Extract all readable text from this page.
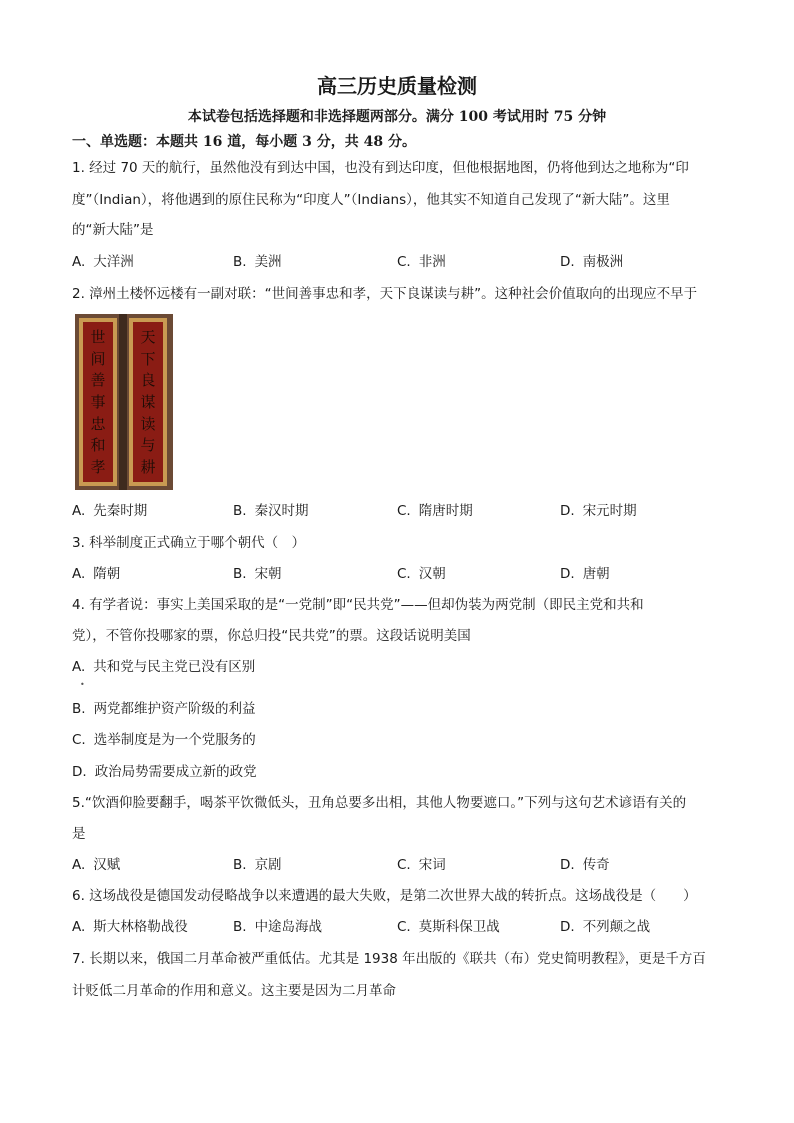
高三历史质量检测
本试卷包括选择题和非选择题两部分。满分 100 考试用时 75 分钟
一、单选题：本题共 16 道，每小题 3 分，共 48 分。
1. 经过 70 天的航行，虽然他没有到达中国，也没有到达印度，但他根据地图，仍将他到达之地称为“印
度”（Indian），将他遇到的原住民称为“印度人”（Indians），他其实不知道自己发现了“新大陆”。这里
的“新大陆”是
A. 大洋洲	B. 美洲	C. 非洲	D. 南极洲
2. 漳州土楼怀远楼有一副对联：“世间善事忠和孝，天下良谋读与耕”。这种社会价值取向的出现应不早于
世
间
善
事
忠
和
孝
天
下
良
谋
读
与
耕
A. 先秦时期	B. 秦汉时期	C. 隋唐时期	D. 宋元时期
3. 科举制度正式确立于哪个朝代（　）
A. 隋朝	B. 宋朝	C. 汉朝	D. 唐朝
4. 有学者说：事实上美国采取的是“一党制”即“民共党”——但却伪装为两党制（即民主党和共和
党），不管你投哪家的票，你总归投“民共党”的票。这段话说明美国
A. 共和党与民主党已没有区别
•
B. 两党都维护资产阶级的利益
C. 选举制度是为一个党服务的
D. 政治局势需要成立新的政党
5.“饮酒仰脸要翻手，喝茶平饮微低头，丑角总要多出相，其他人物要遮口。”下列与这句艺术谚语有关的
是
A. 汉赋	B. 京剧	C. 宋词	D. 传奇
6. 这场战役是德国发动侵略战争以来遭遇的最大失败，是第二次世界大战的转折点。这场战役是（　　）
A. 斯大林格勒战役	B. 中途岛海战	C. 莫斯科保卫战	D. 不列颠之战
7. 长期以来，俄国二月革命被严重低估。尤其是 1938 年出版的《联共（布）党史简明教程》，更是千方百
计贬低二月革命的作用和意义。这主要是因为二月革命
